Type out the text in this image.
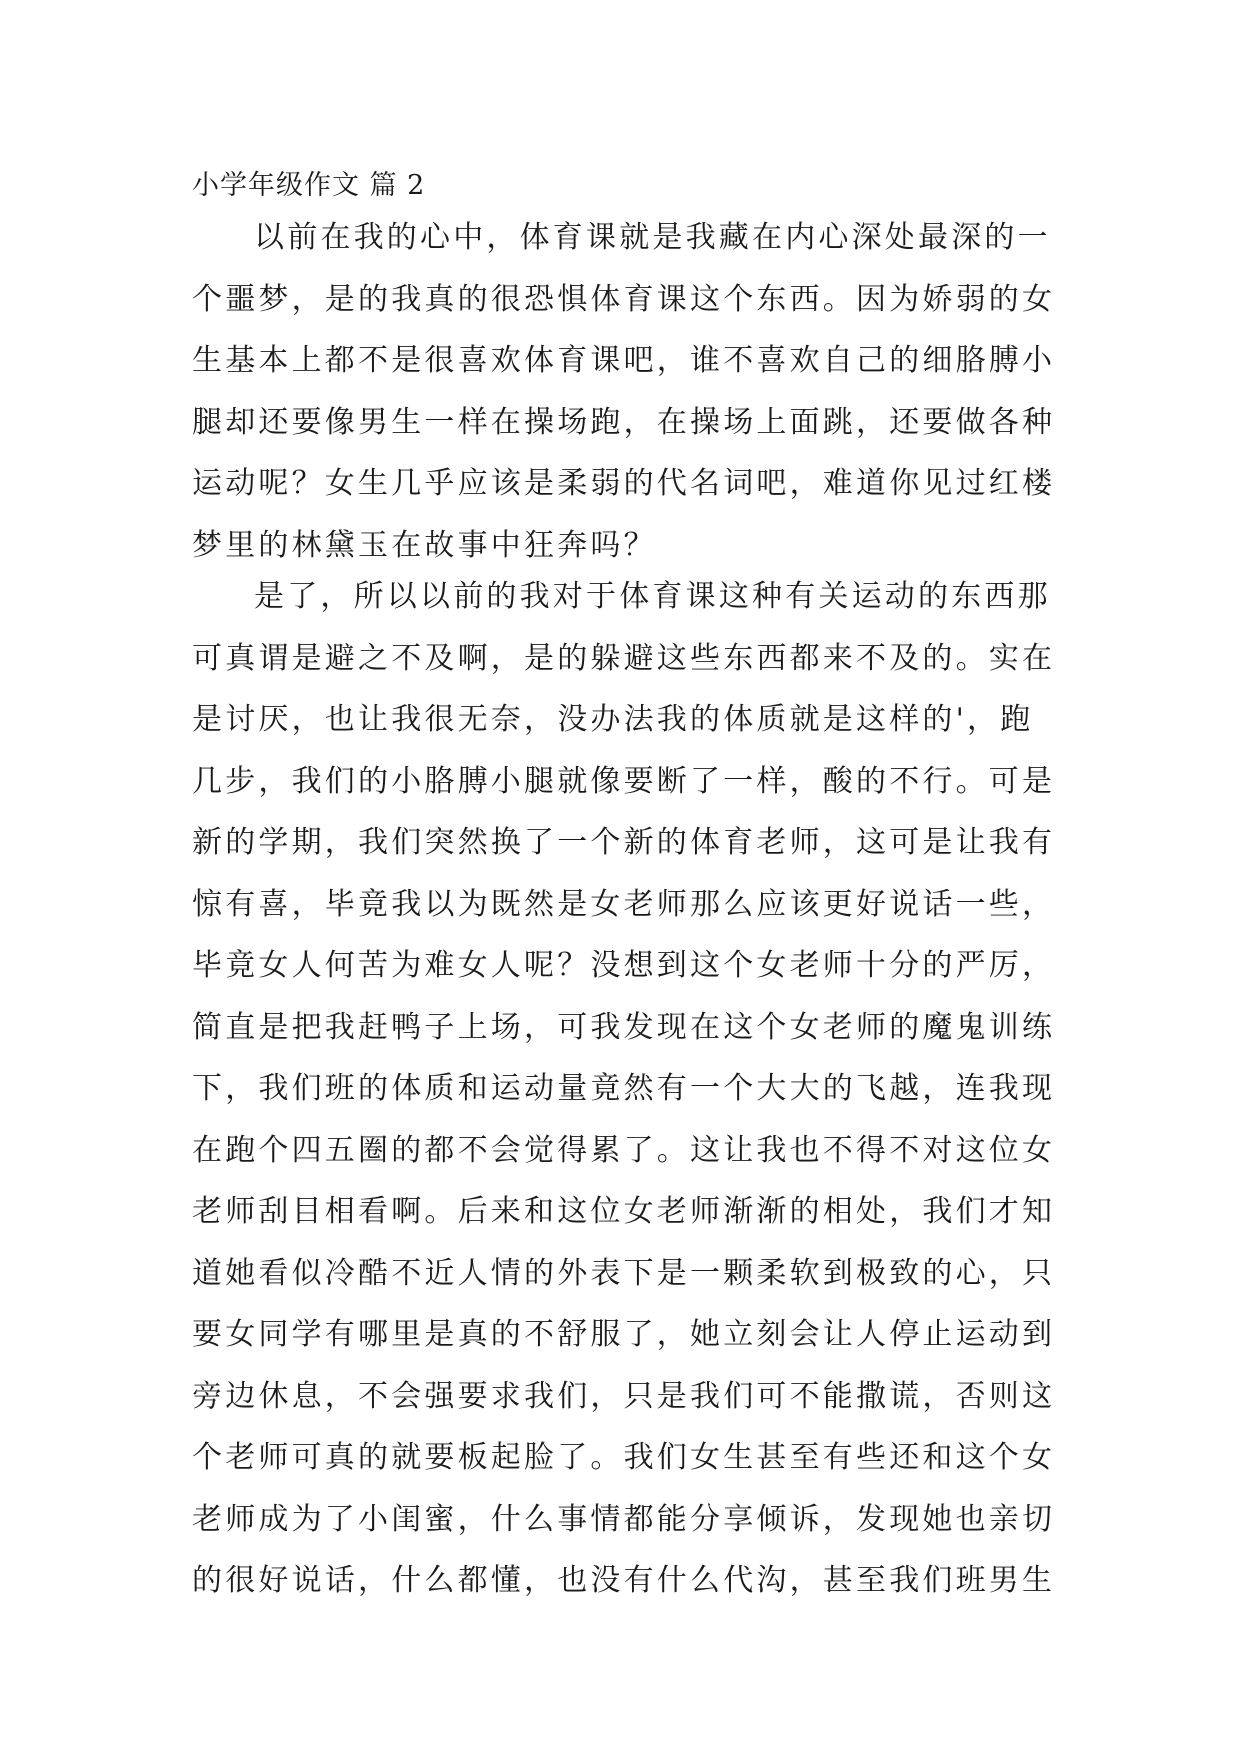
小学年级作文 篇 2
以前在我的心中，体育课就是我藏在内心深处最深的一
个噩梦，是的我真的很恐惧体育课这个东西。因为娇弱的女
生基本上都不是很喜欢体育课吧，谁不喜欢自己的细胳膊小
腿却还要像男生一样在操场跑，在操场上面跳，还要做各种
运动呢？女生几乎应该是柔弱的代名词吧，难道你见过红楼
梦里的林黛玉在故事中狂奔吗？
是了，所以以前的我对于体育课这种有关运动的东西那
可真谓是避之不及啊，是的躲避这些东西都来不及的。实在
是讨厌，也让我很无奈，没办法我的体质就是这样的'，跑
几步，我们的小胳膊小腿就像要断了一样，酸的不行。可是
新的学期，我们突然换了一个新的体育老师，这可是让我有
惊有喜，毕竟我以为既然是女老师那么应该更好说话一些，
毕竟女人何苦为难女人呢？没想到这个女老师十分的严厉，
简直是把我赶鸭子上场，可我发现在这个女老师的魔鬼训练
下，我们班的体质和运动量竟然有一个大大的飞越，连我现
在跑个四五圈的都不会觉得累了。这让我也不得不对这位女
老师刮目相看啊。后来和这位女老师渐渐的相处，我们才知
道她看似冷酷不近人情的外表下是一颗柔软到极致的心，只
要女同学有哪里是真的不舒服了，她立刻会让人停止运动到
旁边休息，不会强要求我们，只是我们可不能撒谎，否则这
个老师可真的就要板起脸了。我们女生甚至有些还和这个女
老师成为了小闺蜜，什么事情都能分享倾诉，发现她也亲切
的很好说话，什么都懂，也没有什么代沟，甚至我们班男生
